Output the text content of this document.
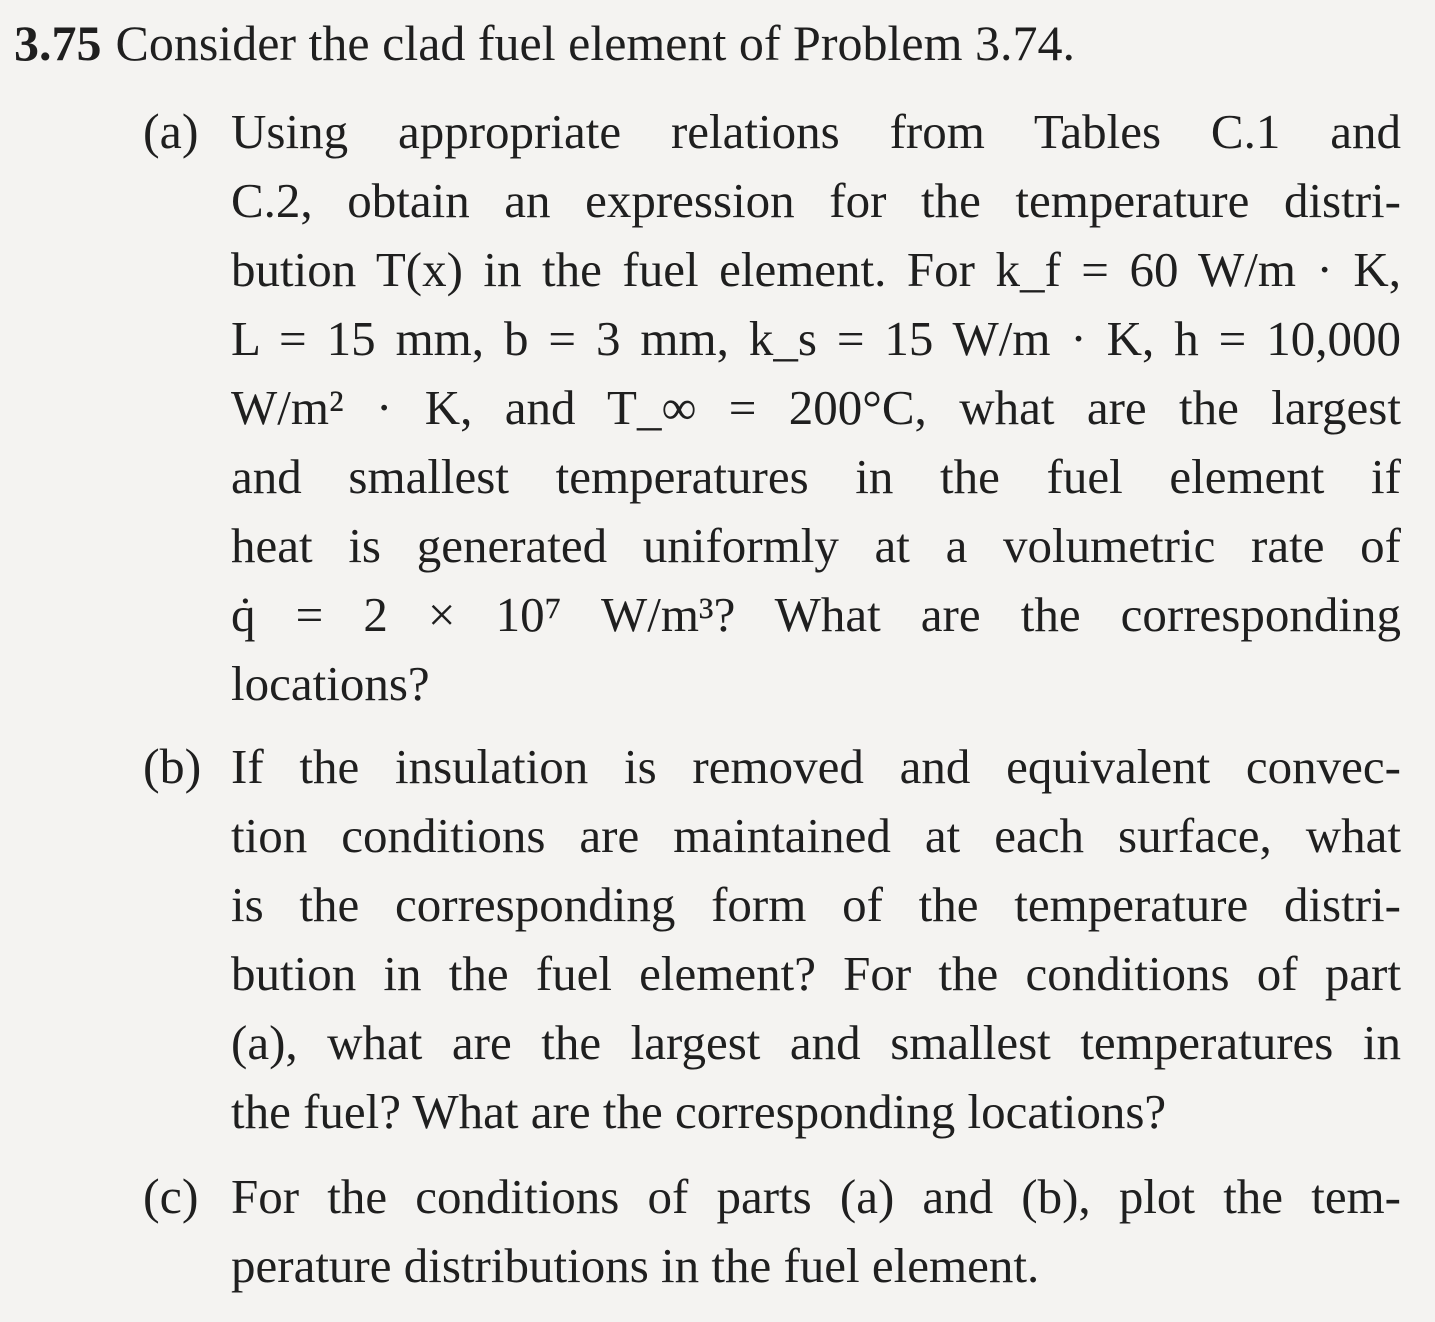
3.75 Consider the clad fuel element of Problem 3.74.
(a) Using appropriate relations from Tables C.1 and
C.2, obtain an expression for the temperature distri-
bution T(x) in the fuel element. For k_f = 60 W/m · K,
L = 15 mm, b = 3 mm, k_s = 15 W/m · K, h = 10,000
W/m² · K, and T_∞ = 200°C, what are the largest
and smallest temperatures in the fuel element if
heat is generated uniformly at a volumetric rate of
q̇ = 2 × 10⁷ W/m³? What are the corresponding
locations?
(b) If the insulation is removed and equivalent convec-
tion conditions are maintained at each surface, what
is the corresponding form of the temperature distri-
bution in the fuel element? For the conditions of part
(a), what are the largest and smallest temperatures in
the fuel? What are the corresponding locations?
(c) For the conditions of parts (a) and (b), plot the tem-
perature distributions in the fuel element.
